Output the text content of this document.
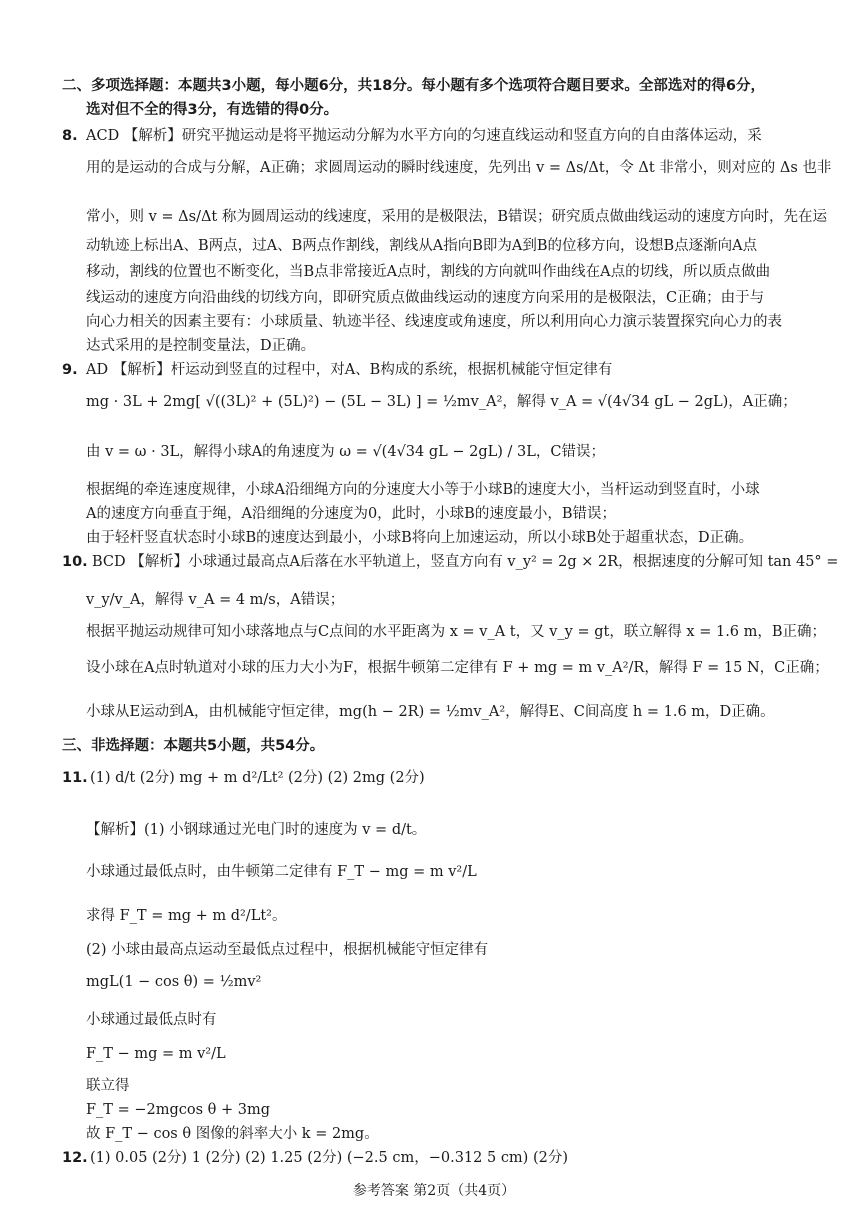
二、多项选择题：本题共3小题，每小题6分，共18分。每小题有多个选项符合题目要求。全部选对的得6分，
选对但不全的得3分，有选错的得0分。
8. ACD 【解析】研究平抛运动是将平抛运动分解为水平方向的匀速直线运动和竖直方向的自由落体运动，采
用的是运动的合成与分解，A正确；求圆周运动的瞬时线速度，先列出 v = Δs/Δt，令 Δt 非常小，则对应的 Δs 也非
常小，则 v = Δs/Δt 称为圆周运动的线速度，采用的是极限法，B错误；研究质点做曲线运动的速度方向时，先在运
动轨迹上标出A、B两点，过A、B两点作割线，割线从A指向B即为A到B的位移方向，设想B点逐渐向A点
移动，割线的位置也不断变化，当B点非常接近A点时，割线的方向就叫作曲线在A点的切线，所以质点做曲
线运动的速度方向沿曲线的切线方向，即研究质点做曲线运动的速度方向采用的是极限法，C正确；由于与
向心力相关的因素主要有：小球质量、轨迹半径、线速度或角速度，所以利用向心力演示装置探究向心力的表
达式采用的是控制变量法，D正确。
9. AD 【解析】杆运动到竖直的过程中，对A、B构成的系统，根据机械能守恒定律有
mg · 3L + 2mg[ √((3L)² + (5L)²) − (5L − 3L) ] = ½mv_A²，解得 v_A = √(4√34 gL − 2gL)，A正确；
由 v = ω · 3L，解得小球A的角速度为 ω = √(4√34 gL − 2gL) / 3L，C错误；
根据绳的牵连速度规律，小球A沿细绳方向的分速度大小等于小球B的速度大小，当杆运动到竖直时，小球
A的速度方向垂直于绳，A沿细绳的分速度为0，此时，小球B的速度最小，B错误；
由于轻杆竖直状态时小球B的速度达到最小，小球B将向上加速运动，所以小球B处于超重状态，D正确。
10. BCD 【解析】小球通过最高点A后落在水平轨道上，竖直方向有 v_y² = 2g × 2R，根据速度的分解可知 tan 45° =
v_y/v_A，解得 v_A = 4 m/s，A错误；
根据平抛运动规律可知小球落地点与C点间的水平距离为 x = v_A t，又 v_y = gt，联立解得 x = 1.6 m，B正确；
设小球在A点时轨道对小球的压力大小为F，根据牛顿第二定律有 F + mg = m v_A²/R，解得 F = 15 N，C正确；
小球从E运动到A，由机械能守恒定律，mg(h − 2R) = ½mv_A²，解得E、C间高度 h = 1.6 m，D正确。
三、非选择题：本题共5小题，共54分。
11. (1) d/t (2分) mg + m d²/Lt² (2分) (2) 2mg (2分)
【解析】(1) 小钢球通过光电门时的速度为 v = d/t。
小球通过最低点时，由牛顿第二定律有 F_T − mg = m v²/L
求得 F_T = mg + m d²/Lt²。
(2) 小球由最高点运动至最低点过程中，根据机械能守恒定律有
mgL(1 − cos θ) = ½mv²
小球通过最低点时有
F_T − mg = m v²/L
联立得
F_T = −2mgcos θ + 3mg
故 F_T − cos θ 图像的斜率大小 k = 2mg。
12. (1) 0.05 (2分) 1 (2分) (2) 1.25 (2分) (−2.5 cm，−0.312 5 cm) (2分)
参考答案 第2页（共4页）
